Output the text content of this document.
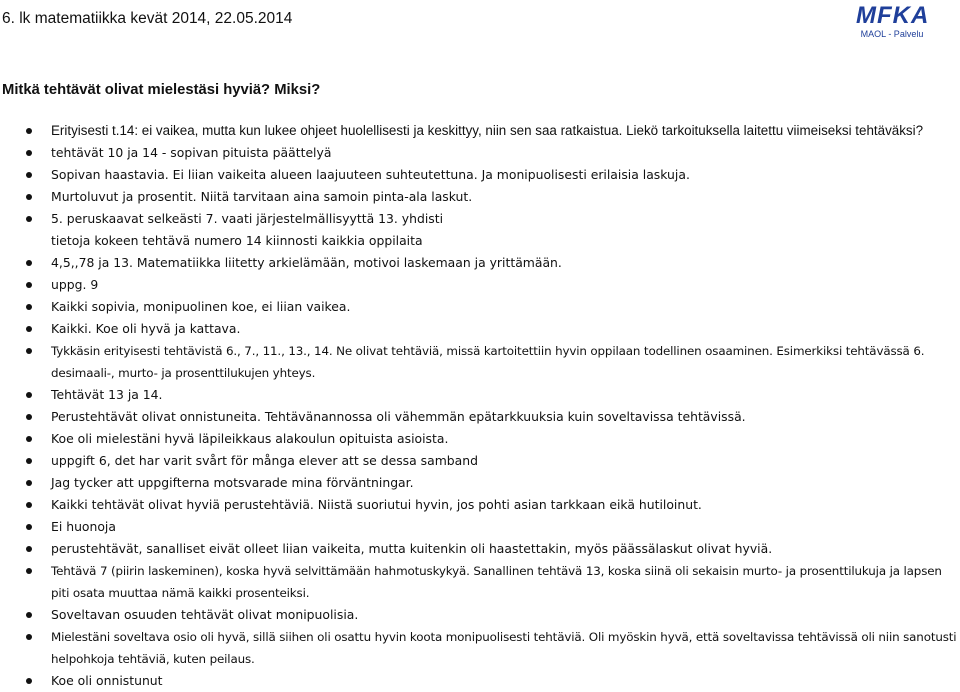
6. lk matematiikka kevät 2014, 22.05.2014	MFKA
MAOL - Palvelu
Mitkä tehtävät olivat mielestäsi hyviä? Miksi?
Erityisesti t.14: ei vaikea, mutta kun lukee ohjeet huolellisesti ja keskittyy, niin sen saa ratkaistua. Liekö tarkoituksella laitettu viimeiseksi tehtäväksi?
tehtävät 10 ja 14 - sopivan pituista päättelyä
Sopivan haastavia. Ei liian vaikeita alueen laajuuteen suhteutettuna. Ja monipuolisesti erilaisia laskuja.
Murtoluvut ja prosentit. Niitä tarvitaan aina samoin pinta-ala laskut.
5. peruskaavat selkeästi 7. vaati järjestelmällisyyttä 13. yhdisti tietoja kokeen tehtävä numero 14 kiinnosti kaikkia oppilaita
4,5,,78 ja 13. Matematiikka liitetty arkielämään, motivoi laskemaan ja yrittämään.
uppg. 9
Kaikki sopivia, monipuolinen koe, ei liian vaikea.
Kaikki. Koe oli hyvä ja kattava.
Tykkäsin erityisesti tehtävistä 6., 7., 11., 13., 14. Ne olivat tehtäviä, missä kartoitettiin hyvin oppilaan todellinen osaaminen. Esimerkiksi tehtävässä 6. desimaali-, murto- ja prosenttilukujen yhteys.
Tehtävät 13 ja 14.
Perustehtävät olivat onnistuneita. Tehtävänannossa oli vähemmän epätarkkuuksia kuin soveltavissa tehtävissä.
Koe oli mielestäni hyvä läpileikkaus alakoulun opituista asioista.
uppgift 6, det har varit svårt för många elever att se dessa samband
Jag tycker att uppgifterna motsvarade mina förväntningar.
Kaikki tehtävät olivat hyviä perustehtäviä. Niistä suoriutui hyvin, jos pohti asian tarkkaan eikä hutiloinut.
Ei huonoja
perustehtävät, sanalliset eivät olleet liian vaikeita, mutta kuitenkin oli haastettakin, myös päässälaskut olivat hyviä.
Tehtävä 7 (piirin laskeminen), koska hyvä selvittämään hahmotuskykyä. Sanallinen tehtävä 13, koska siinä oli sekaisin murto- ja prosenttilukuja ja lapsen piti osata muuttaa nämä kaikki prosenteiksi.
Soveltavan osuuden tehtävät olivat monipuolisia.
Mielestäni soveltava osio oli hyvä, sillä siihen oli osattu hyvin koota monipuolisesti tehtäviä. Oli myöskin hyvä, että soveltavissa tehtävissä oli niin sanotusti helpohkoja tehtäviä, kuten peilaus.
Koe oli onnistunut
